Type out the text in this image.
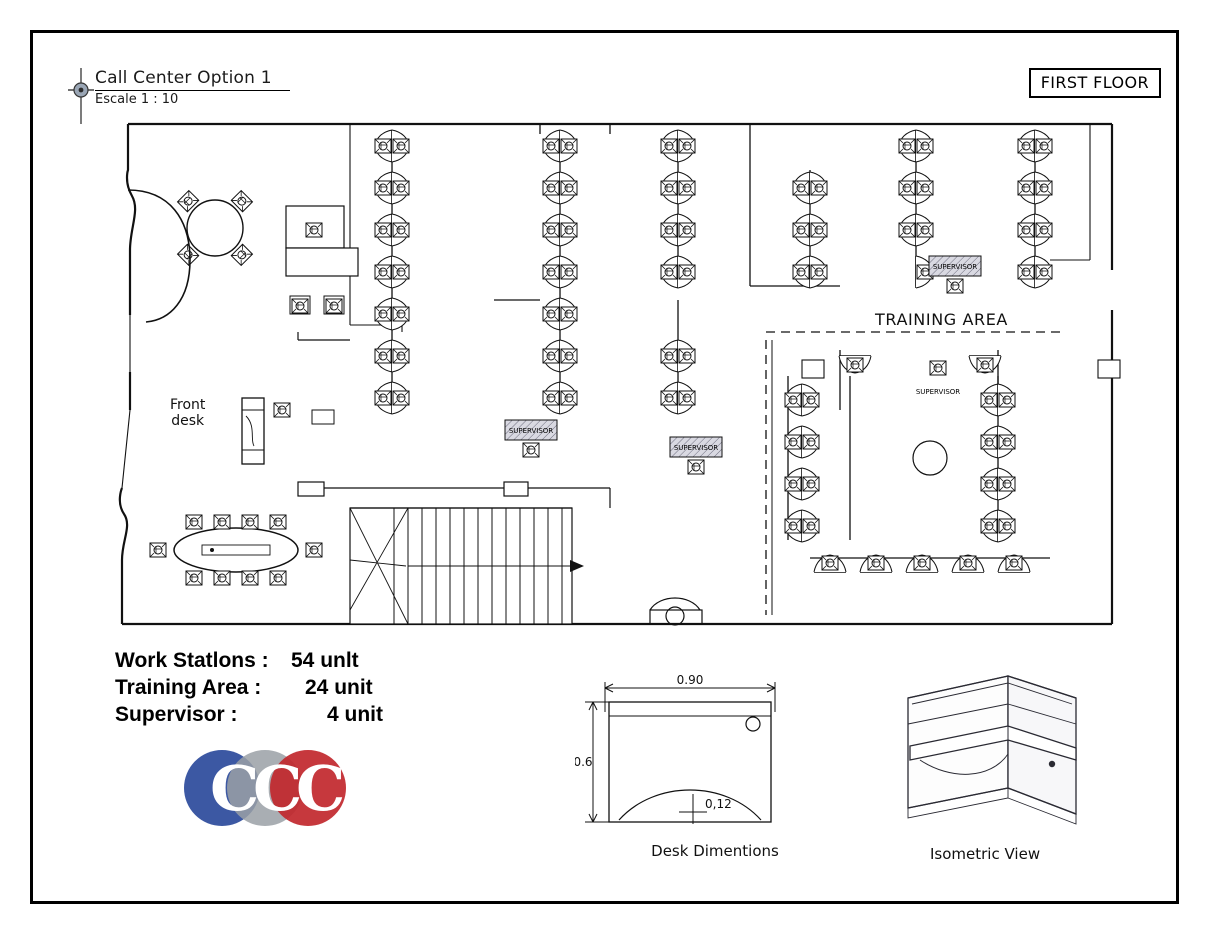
Call Center Option 1
Escale 1 : 10
FIRST FLOOR
SUPERVISOR
SUPERVISOR
SUPERVISOR
SUPERVISOR
Front
desk
TRAINING AREA
Work Statlons :	54 unlt
Training Area :	24 unit
Supervisor :	4 unit
C
C
C
0.90
0.6
0,12
Desk Dimentions	Isometric View
